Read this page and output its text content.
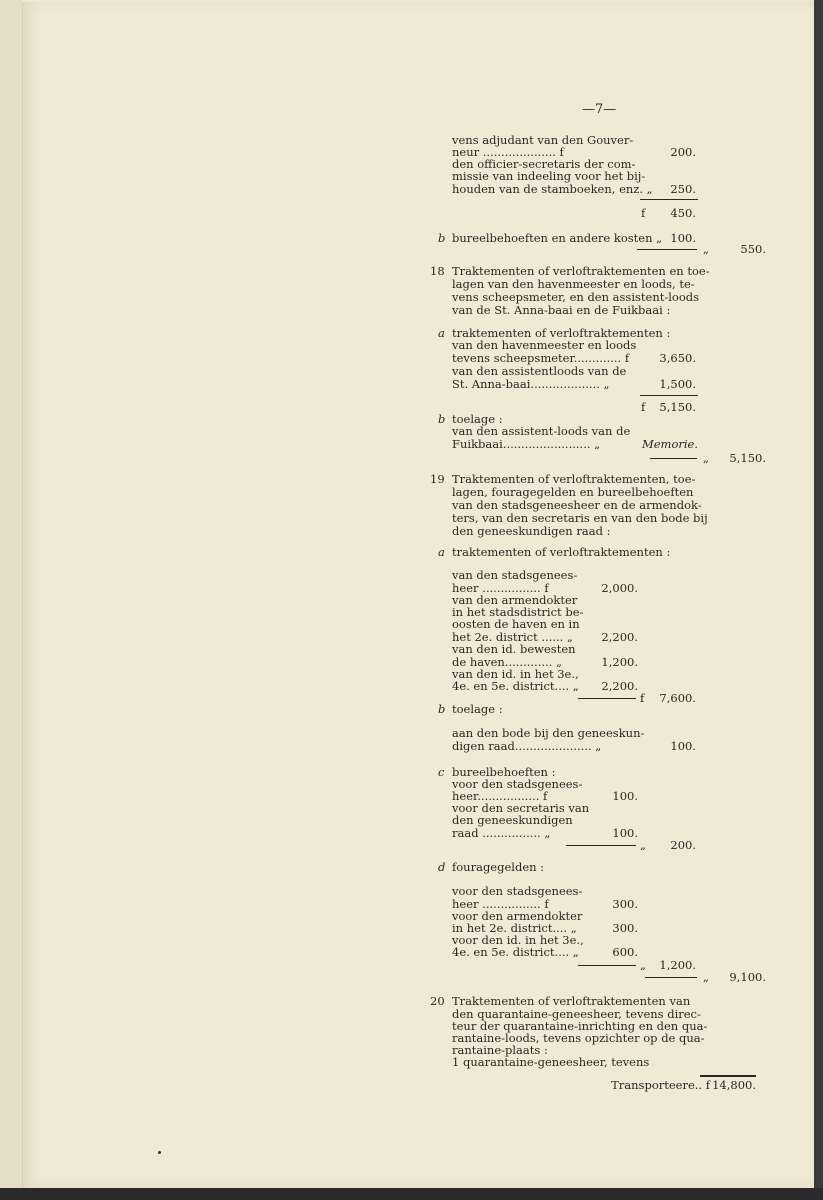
—7—
vens adjudant van den Gouver-
neur .................... f	200.
den officier-secretaris der com-
missie van indeeling voor het bij-
houden van de stamboeken, enz. „	250.
f	450.
b bureelbehoeften en andere kosten „ 100.
„	550.
18 Traktementen of verloftraktementen en toe-
lagen van den havenmeester en loods, te-
vens scheepsmeter, en den assistent-loods
van de St. Anna-baai en de Fuikbaai :
a traktementen of verloftraktementen :
van den havenmeester en loods
tevens scheepsmeter............. f	3,650.
van den assistentloods van de
St. Anna-baai................... „	1,500.
f	5,150.
b toelage :
van den assistent-loods van de
Fuikbaai........................ „	Memorie.
„	5,150.
19 Traktementen of verloftraktementen, toe-
lagen, fouragegelden en bureelbehoeften
van den stadsgeneesheer en de armendok-
ters, van den secretaris en van den bode bij
den geneeskundigen raad :
a traktementen of verloftraktementen :
van den stadsgenees-
heer ................ f	2,000.
van den armendokter
in het stadsdistrict be-
oosten de haven en in
het 2e. district ...... „	2,200.
van den id. bewesten
de haven............. „	1,200.
van den id. in het 3e.,
4e. en 5e. district.... „	2,200.
f	7,600.
b toelage :
aan den bode bij den geneeskun-
digen raad..................... „	100.
c bureelbehoeften :
voor den stadsgenees-
heer................. f	100.
voor den secretaris van
den geneeskundigen
raad ................ „	100.
„	200.
d fouragegelden :
voor den stadsgenees-
heer ................ f	300.
voor den armendokter
in het 2e. district.... „	300.
voor den id. in het 3e.,
4e. en 5e. district.... „	600.
„	1,200.
„	9,100.
20 Traktementen of verloftraktementen van
den quarantaine-geneesheer, tevens direc-
teur der quarantaine-inrichting en den qua-
rantaine-loods, tevens opzichter op de qua-
rantaine-plaats :
1 quarantaine-geneesheer, tevens
Transporteere.. f 14,800.
